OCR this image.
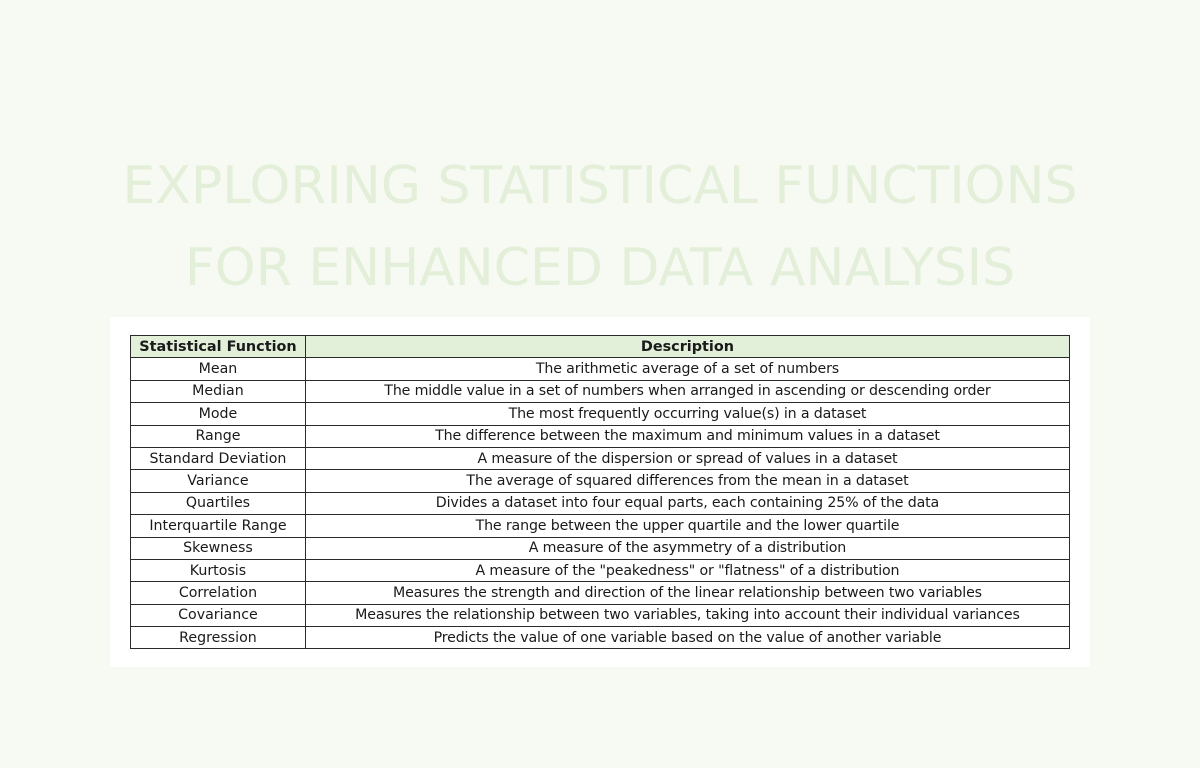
EXPLORING STATISTICAL FUNCTIONS
FOR ENHANCED DATA ANALYSIS
Statistical Function	Description
Mean	The arithmetic average of a set of numbers
Median	The middle value in a set of numbers when arranged in ascending or descending order
Mode	The most frequently occurring value(s) in a dataset
Range	The difference between the maximum and minimum values in a dataset
Standard Deviation	A measure of the dispersion or spread of values in a dataset
Variance	The average of squared differences from the mean in a dataset
Quartiles	Divides a dataset into four equal parts, each containing 25% of the data
Interquartile Range	The range between the upper quartile and the lower quartile
Skewness	A measure of the asymmetry of a distribution
Kurtosis	A measure of the "peakedness" or "flatness" of a distribution
Correlation	Measures the strength and direction of the linear relationship between two variables
Covariance	Measures the relationship between two variables, taking into account their individual variances
Regression	Predicts the value of one variable based on the value of another variable
